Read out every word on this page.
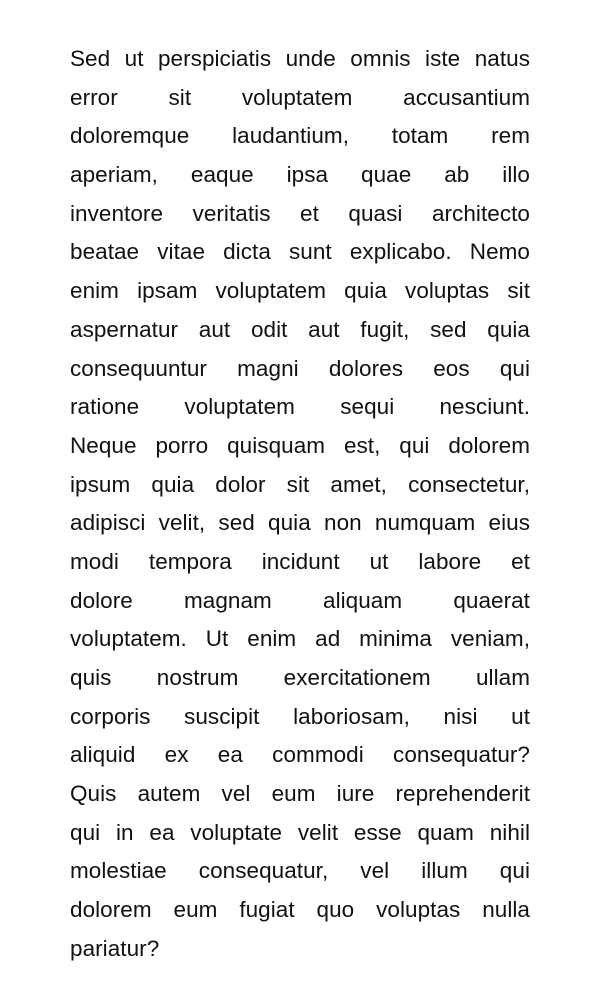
Sed ut perspiciatis unde omnis iste natus
error sit voluptatem accusantium
doloremque laudantium, totam rem
aperiam, eaque ipsa quae ab illo
inventore veritatis et quasi architecto
beatae vitae dicta sunt explicabo. Nemo
enim ipsam voluptatem quia voluptas sit
aspernatur aut odit aut fugit, sed quia
consequuntur magni dolores eos qui
ratione voluptatem sequi nesciunt.
Neque porro quisquam est, qui dolorem
ipsum quia dolor sit amet, consectetur,
adipisci velit, sed quia non numquam eius
modi tempora incidunt ut labore et
dolore magnam aliquam quaerat
voluptatem. Ut enim ad minima veniam,
quis nostrum exercitationem ullam
corporis suscipit laboriosam, nisi ut
aliquid ex ea commodi consequatur?
Quis autem vel eum iure reprehenderit
qui in ea voluptate velit esse quam nihil
molestiae consequatur, vel illum qui
dolorem eum fugiat quo voluptas nulla
pariatur?
